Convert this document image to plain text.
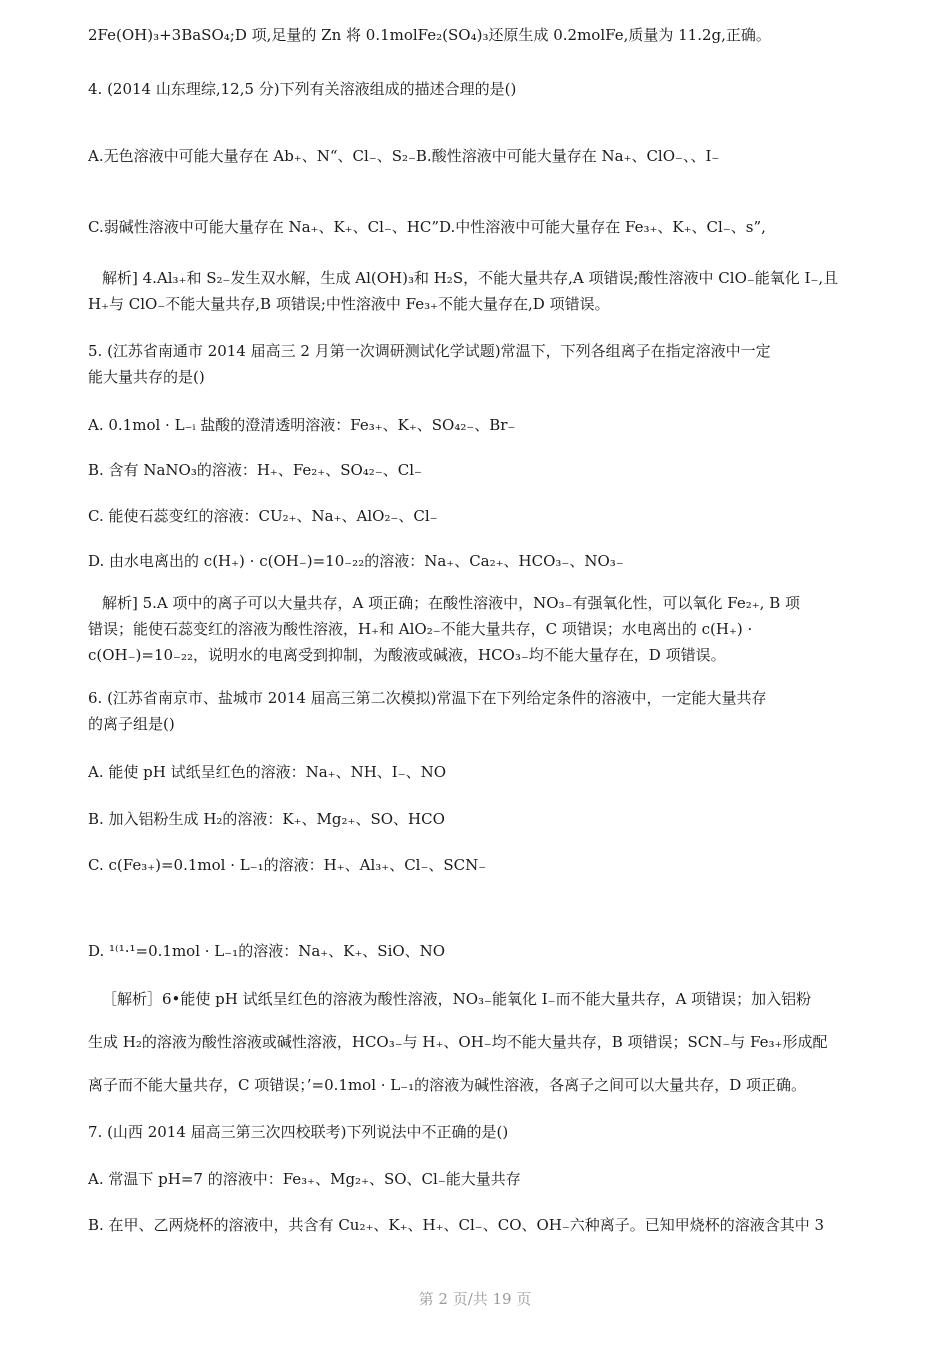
2Fe(OH)₃+3BaSO₄;D 项,足量的 Zn 将 0.1molFe₂(SO₄)₃还原生成 0.2molFe,质量为 11.2g,正确。

4. (2014 山东理综,12,5 分)下列有关溶液组成的描述合理的是()

A.无色溶液中可能大量存在 Ab₊、N“、Cl₋、S₂₋B.酸性溶液中可能大量存在 Na₊、ClO₋、、I₋

C.弱碱性溶液中可能大量存在 Na₊、K₊、Cl₋、HC”D.中性溶液中可能大量存在 Fe₃₊、K₊、Cl₋、s”,

解析] 4.Al₃₊和 S₂₋发生双水解，生成 Al(OH)₃和 H₂S，不能大量共存,A 项错误;酸性溶液中 ClO₋能氧化 I₋,且

H₊与 ClO₋不能大量共存,B 项错误;中性溶液中 Fe₃₊不能大量存在,D 项错误。

5. (江苏省南通市 2014 届高三 2 月第一次调研测试化学试题)常温下，下列各组离子在指定溶液中一定

能大量共存的是()

A. 0.1mol · L₋ᵢ 盐酸的澄清透明溶液：Fe₃₊、K₊、SO₄₂₋、Br₋

B. 含有 NaNO₃的溶液：H₊、Fe₂₊、SO₄₂₋、Cl₋

C. 能使石蕊变红的溶液：CU₂₊、Na₊、AlO₂₋、Cl₋

D. 由水电离出的 c(H₊) · c(OH₋)=10₋₂₂的溶液：Na₊、Ca₂₊、HCO₃₋、NO₃₋

解析] 5.A 项中的离子可以大量共存，A 项正确；在酸性溶液中，NO₃₋有强氧化性，可以氧化 Fe₂₊, B 项

错误；能使石蕊变红的溶液为酸性溶液，H₊和 AlO₂₋不能大量共存，C 项错误；水电离出的 c(H₊) ·

c(OH₋)=10₋₂₂，说明水的电离受到抑制，为酸液或碱液，HCO₃₋均不能大量存在，D 项错误。

6. (江苏省南京市、盐城市 2014 届高三第二次模拟)常温下在下列给定条件的溶液中，一定能大量共存

的离子组是()

A. 能使 pH 试纸呈红色的溶液：Na₊、NH、I₋、NO

B. 加入铝粉生成 H₂的溶液：K₊、Mg₂₊、SO、HCO

C. c(Fe₃₊)=0.1mol · L₋₁的溶液：H₊、Al₃₊、Cl₋、SCN₋

D. ¹⁽¹·¹=0.1mol · L₋₁的溶液：Na₊、K₊、SiO、NO

［解析］6•能使 pH 试纸呈红色的溶液为酸性溶液，NO₃₋能氧化 I₋而不能大量共存，A 项错误；加入铝粉

生成 H₂的溶液为酸性溶液或碱性溶液，HCO₃₋与 H₊、OH₋均不能大量共存，B 项错误；SCN₋与 Fe₃₊形成配

离子而不能大量共存，C 项错误；’=0.1mol · L₋₁的溶液为碱性溶液，各离子之间可以大量共存，D 项正确。

7. (山西 2014 届高三第三次四校联考)下列说法中不正确的是()

A. 常温下 pH=7 的溶液中：Fe₃₊、Mg₂₊、SO、Cl₋能大量共存

B. 在甲、乙两烧杯的溶液中，共含有 Cu₂₊、K₊、H₊、Cl₋、CO、OH₋六种离子。已知甲烧杯的溶液含其中 3

第 2 页/共 19 页
